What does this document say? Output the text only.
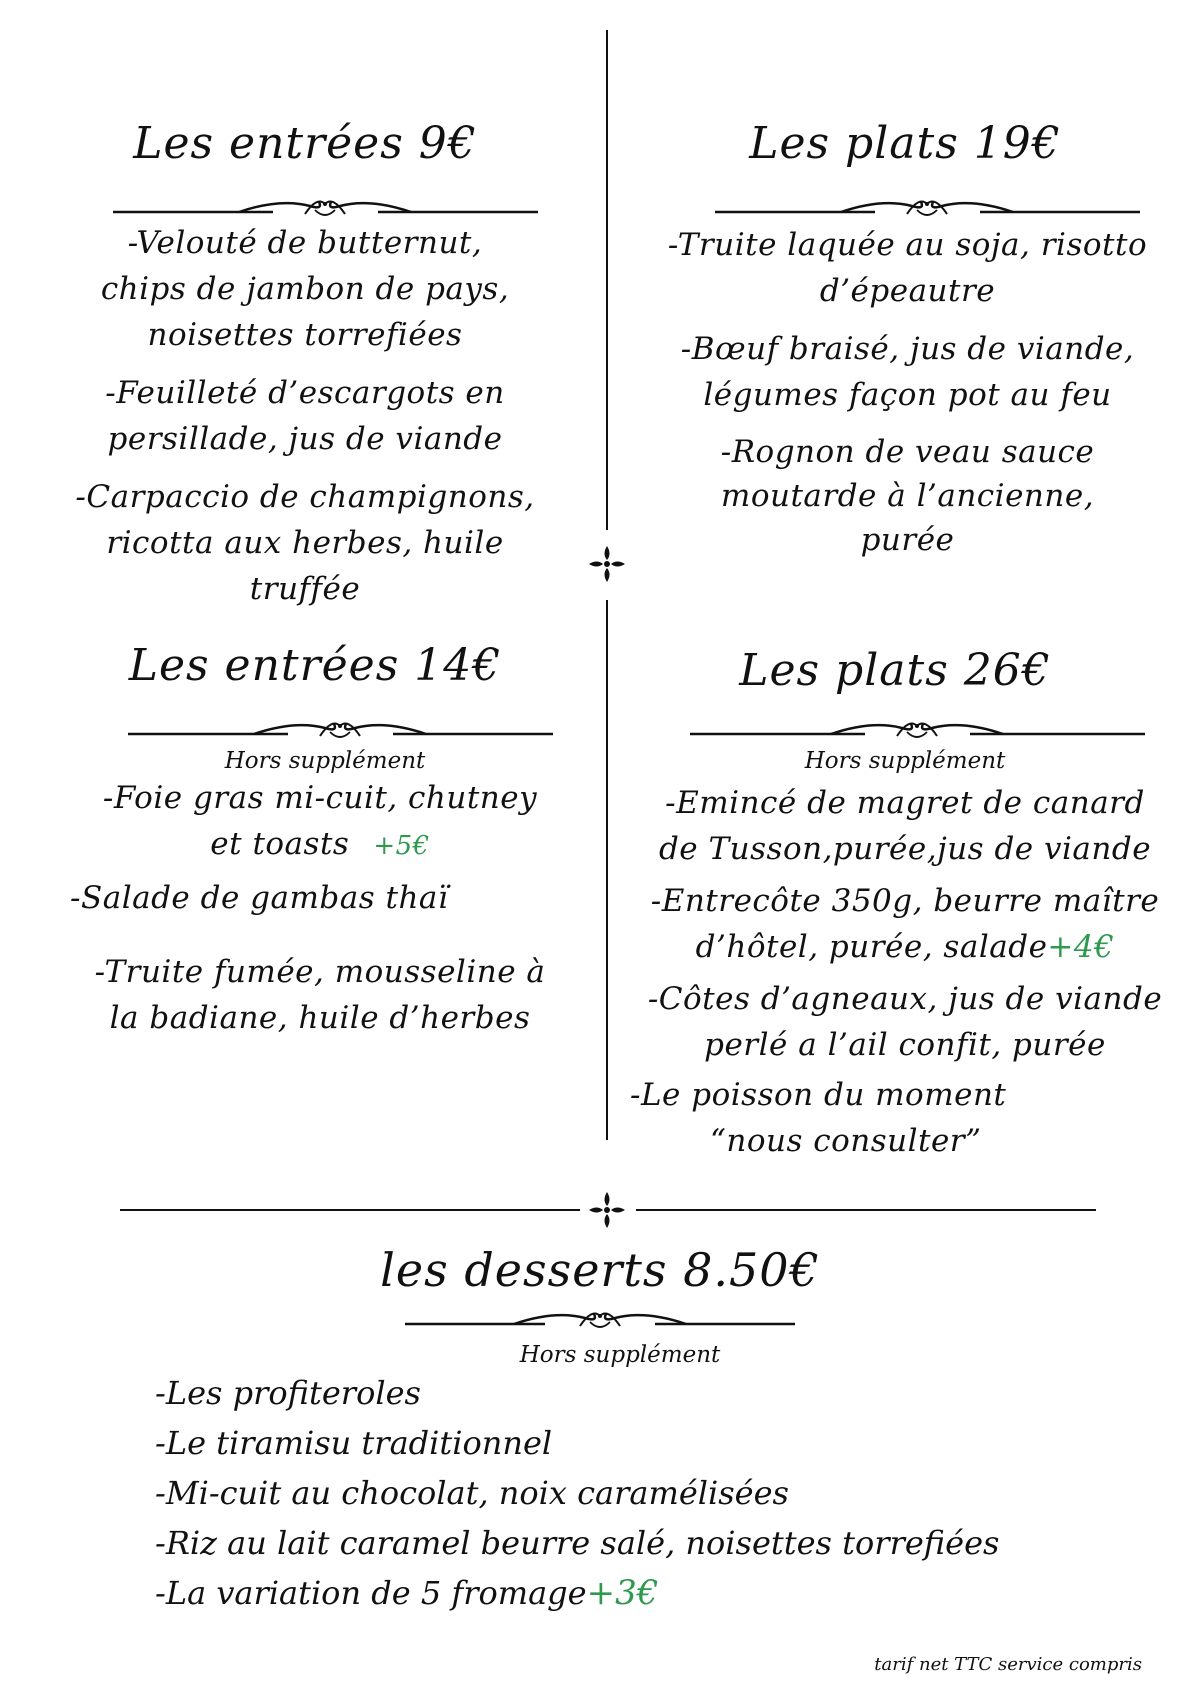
Les entrées 9€
-Velouté de butternut,
chips de jambon de pays,
noisettes torrefiées
-Feuilleté d’escargots en
persillade, jus de viande
-Carpaccio de champignons,
ricotta aux herbes, huile
truffée
Les plats 19€
-Truite laquée au soja, risotto
d’épeautre
-Bœuf braisé, jus de viande,
légumes façon pot au feu
-Rognon de veau sauce
moutarde à l’ancienne,
purée
Les entrées 14€
Hors supplément
-Foie gras mi-cuit, chutney
et toasts +5€
-Salade de gambas thaï
-Truite fumée, mousseline à
la badiane, huile d’herbes
Les plats 26€
Hors supplément
-Emincé de magret de canard
de Tusson,purée,jus de viande
-Entrecôte 350g, beurre maître
d’hôtel, purée, salade+4€
-Côtes d’agneaux, jus de viande
perlé a l’ail confit, purée
-Le poisson du moment
“nous consulter”
les desserts 8.50€
Hors supplément
-Les profiteroles
-Le tiramisu traditionnel
-Mi-cuit au chocolat, noix caramélisées
-Riz au lait caramel beurre salé, noisettes torrefiées
-La variation de 5 fromage+3€
tarif net TTC service compris
